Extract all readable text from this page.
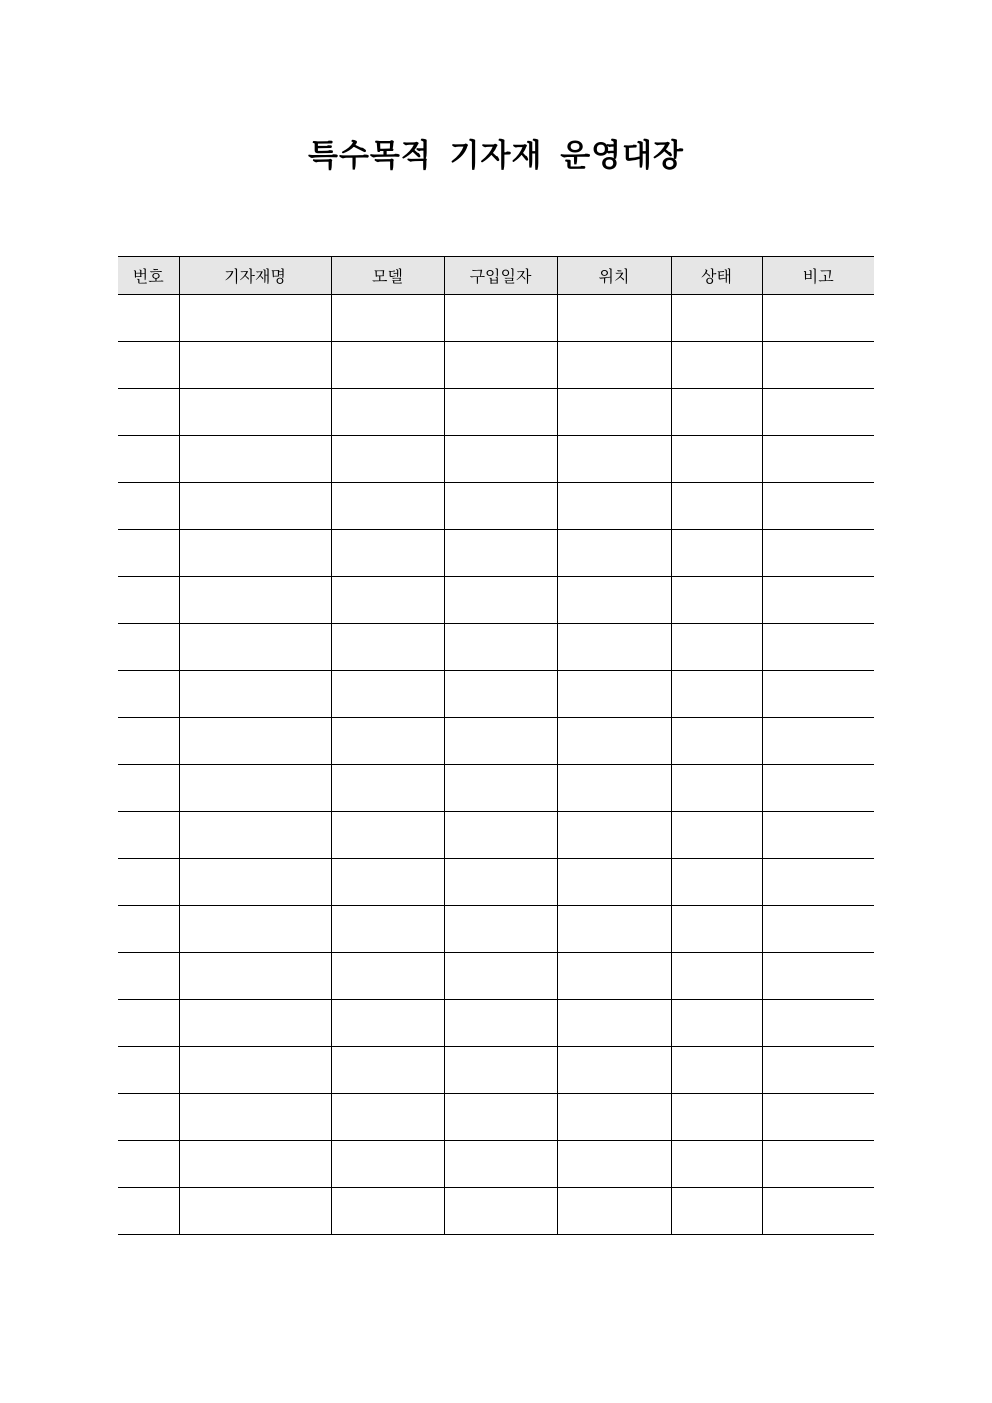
특수목적 기자재 운영대장
번호	기자재명	모델	구입일자	위치	상태	비고
